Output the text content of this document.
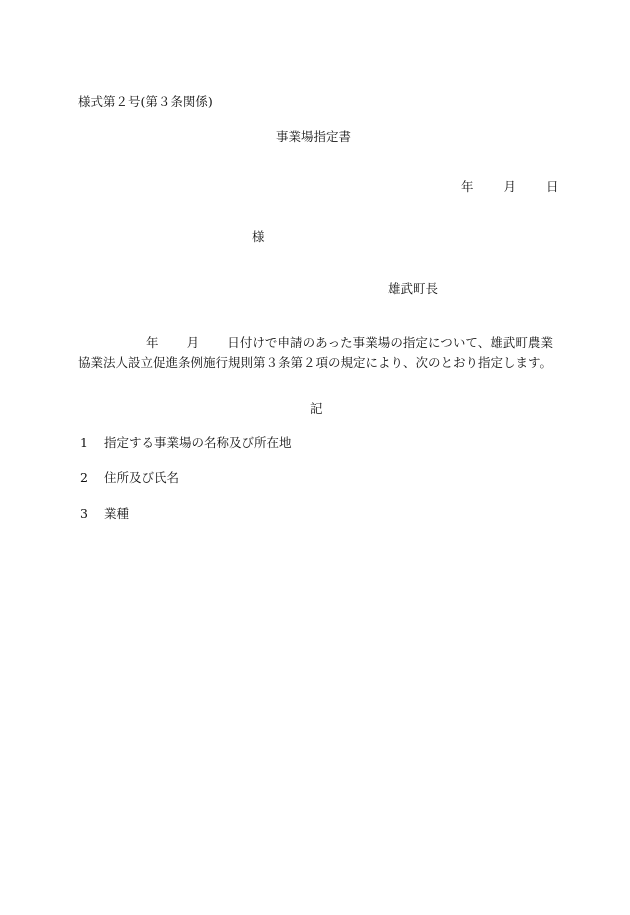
様式第２号(第３条関係)
事業場指定書
年 月 日
様
雄武町長
年 月 日付けで申請のあった事業場の指定について、雄武町農業協業法人設立促進条例施行規則第３条第２項の規定により、次のとおり指定します。
記
1 指定する事業場の名称及び所在地
2 住所及び氏名
3 業種
